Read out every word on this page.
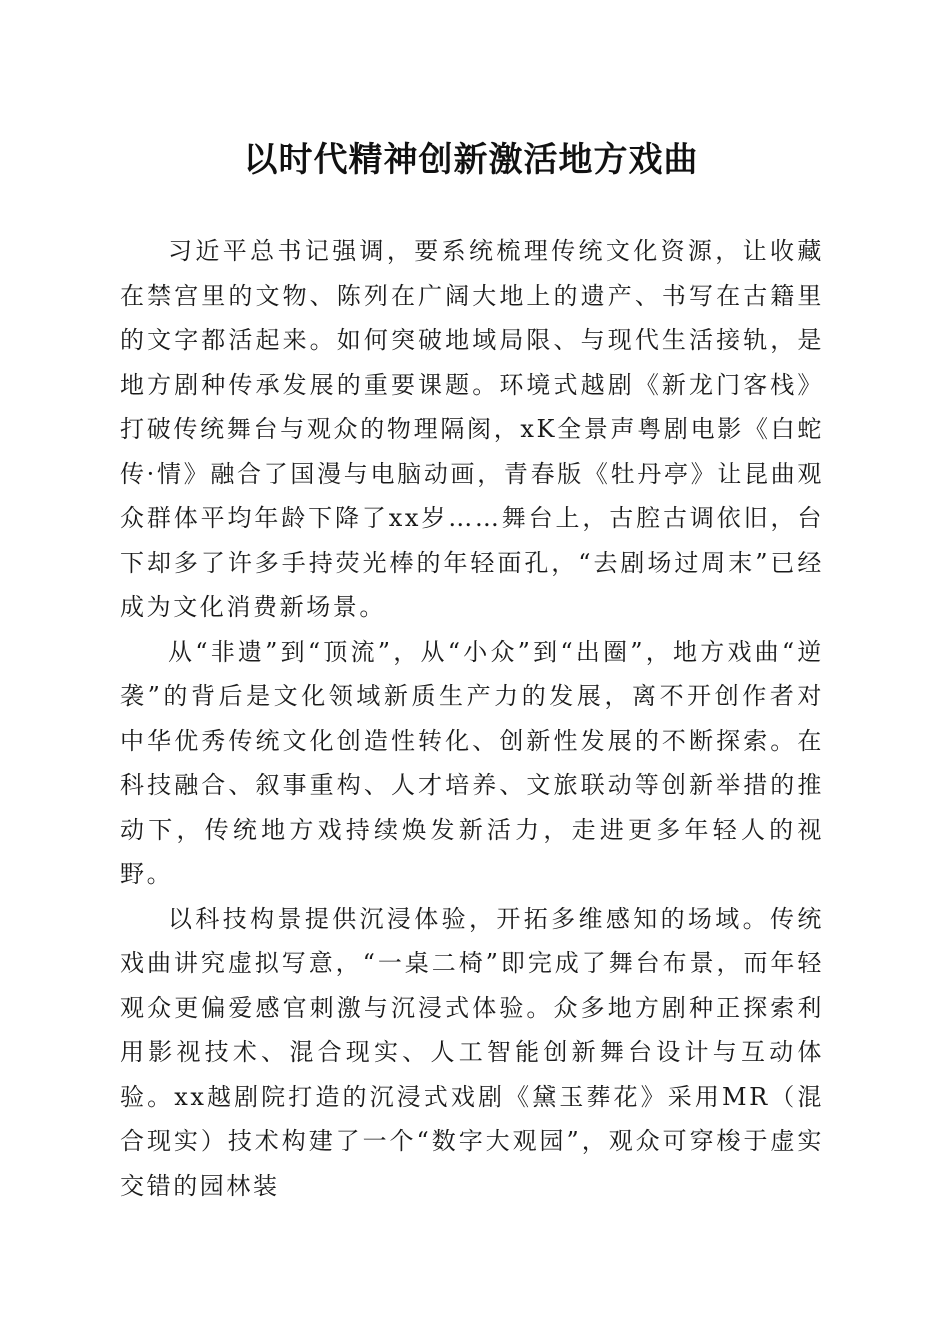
以时代精神创新激活地方戏曲

习近平总书记强调，要系统梳理传统文化资源，让收藏在禁宫里的文物、陈列在广阔大地上的遗产、书写在古籍里的文字都活起来。如何突破地域局限、与现代生活接轨，是地方剧种传承发展的重要课题。环境式越剧《新龙门客栈》打破传统舞台与观众的物理隔阂，xK全景声粤剧电影《白蛇传·情》融合了国漫与电脑动画，青春版《牡丹亭》让昆曲观众群体平均年龄下降了xx岁……舞台上，古腔古调依旧，台下却多了许多手持荧光棒的年轻面孔，“去剧场过周末”已经成为文化消费新场景。

从“非遗”到“顶流”，从“小众”到“出圈”，地方戏曲“逆袭”的背后是文化领域新质生产力的发展，离不开创作者对中华优秀传统文化创造性转化、创新性发展的不断探索。在科技融合、叙事重构、人才培养、文旅联动等创新举措的推动下，传统地方戏持续焕发新活力，走进更多年轻人的视野。

以科技构景提供沉浸体验，开拓多维感知的场域。传统戏曲讲究虚拟写意，“一桌二椅”即完成了舞台布景，而年轻观众更偏爱感官刺激与沉浸式体验。众多地方剧种正探索利用影视技术、混合现实、人工智能创新舞台设计与互动体验。xx越剧院打造的沉浸式戏剧《黛玉葬花》采用MR（混合现实）技术构建了一个“数字大观园”，观众可穿梭于虚实交错的园林装
